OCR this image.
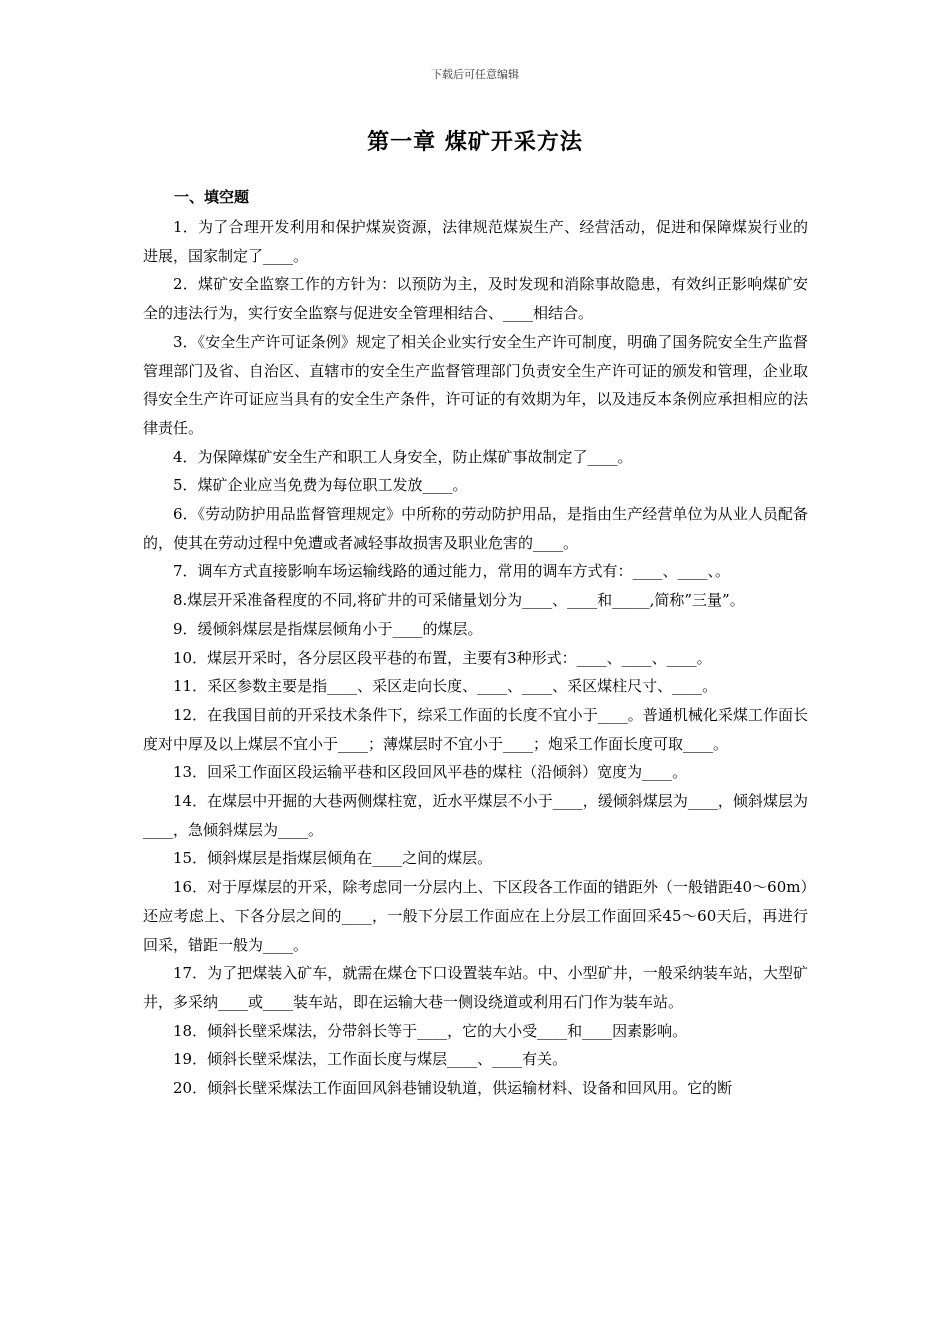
下载后可任意编辑
第一章 煤矿开采方法
一、填空题

1．为了合理开发利用和保护煤炭资源，法律规范煤炭生产、经营活动，促进和保障煤炭行业的进展，国家制定了____。

2．煤矿安全监察工作的方针为：以预防为主，及时发现和消除事故隐患，有效纠正影响煤矿安全的违法行为，实行安全监察与促进安全管理相结合、____相结合。

3．《安全生产许可证条例》规定了相关企业实行安全生产许可制度，明确了国务院安全生产监督管理部门及省、自治区、直辖市的安全生产监督管理部门负责安全生产许可证的颁发和管理，企业取得安全生产许可证应当具有的安全生产条件，许可证的有效期为年，以及违反本条例应承担相应的法律责任。

4．为保障煤矿安全生产和职工人身安全，防止煤矿事故制定了____。

5．煤矿企业应当免费为每位职工发放____。

6．《劳动防护用品监督管理规定》中所称的劳动防护用品，是指由生产经营单位为从业人员配备的，使其在劳动过程中免遭或者减轻事故损害及职业危害的____。

7．调车方式直接影响车场运输线路的通过能力，常用的调车方式有：____、____、。

8.煤层开采准备程度的不同,将矿井的可采储量划分为____、____和_____,简称”三量”。

9．缓倾斜煤层是指煤层倾角小于____的煤层。

10．煤层开采时，各分层区段平巷的布置，主要有3种形式：____、____、____。

11．采区参数主要是指____、采区走向长度、____、____、采区煤柱尺寸、____。

12．在我国目前的开采技术条件下，综采工作面的长度不宜小于____。普通机械化采煤工作面长度对中厚及以上煤层不宜小于____；薄煤层时不宜小于____；炮采工作面长度可取____。

13．回采工作面区段运输平巷和区段回风平巷的煤柱（沿倾斜）宽度为____。

14．在煤层中开掘的大巷两侧煤柱宽，近水平煤层不小于____，缓倾斜煤层为____，倾斜煤层为____，急倾斜煤层为____。

15．倾斜煤层是指煤层倾角在____之间的煤层。

16．对于厚煤层的开采，除考虑同一分层内上、下区段各工作面的错距外（一般错距40～60m）还应考虑上、下各分层之间的____，一般下分层工作面应在上分层工作面回采45～60天后，再进行回采，错距一般为____。

17．为了把煤装入矿车，就需在煤仓下口设置装车站。中、小型矿井，一般采纳装车站，大型矿井，多采纳____或____装车站，即在运输大巷一侧设绕道或利用石门作为装车站。

18．倾斜长壁采煤法，分带斜长等于____，它的大小受____和____因素影响。

19．倾斜长壁采煤法，工作面长度与煤层____、____有关。

20．倾斜长壁采煤法工作面回风斜巷铺设轨道，供运输材料、设备和回风用。它的断
